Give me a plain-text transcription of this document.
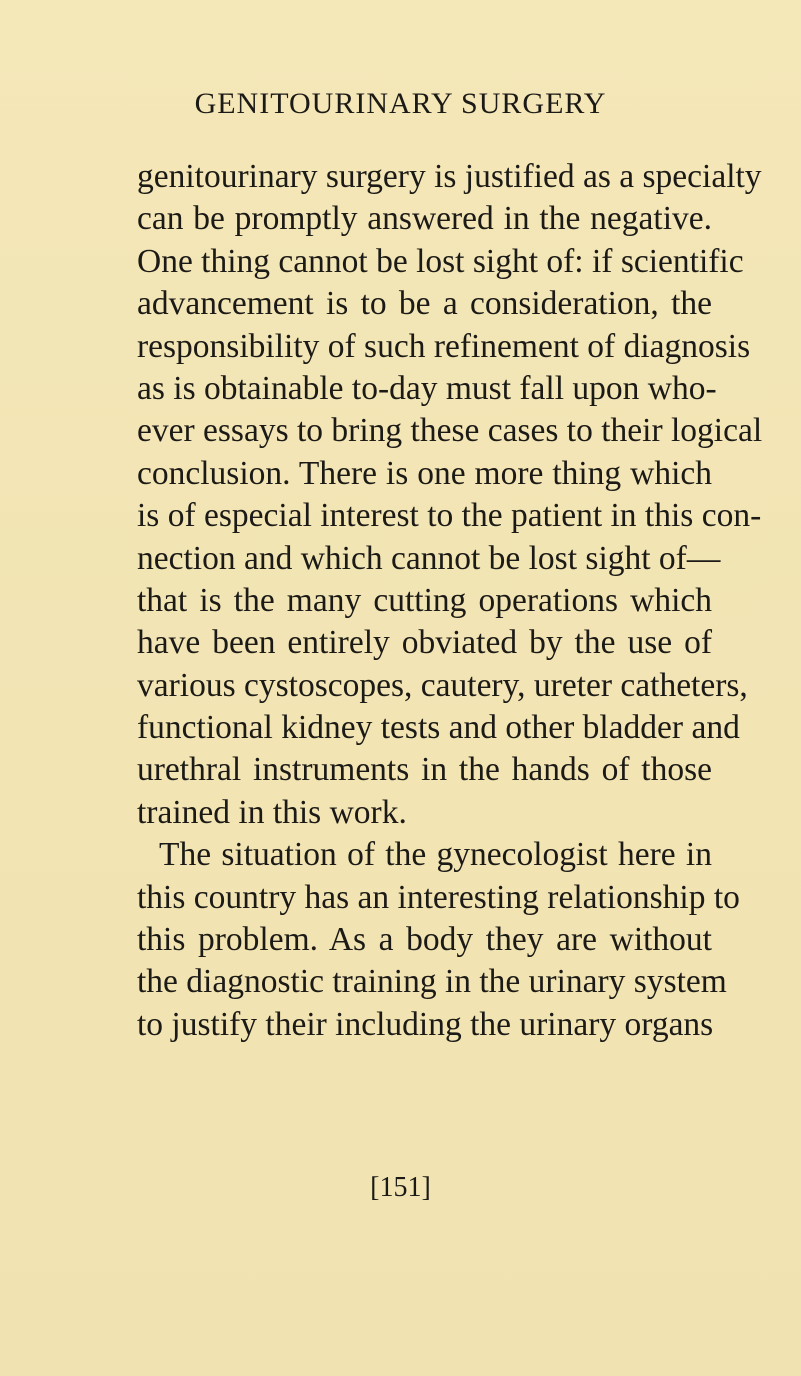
GENITOURINARY SURGERY
genitourinary surgery is justified as a specialty
can be promptly answered in the negative.
One thing cannot be lost sight of: if scientific
advancement is to be a consideration, the
responsibility of such refinement of diagnosis
as is obtainable to-day must fall upon who-
ever essays to bring these cases to their logical
conclusion. There is one more thing which
is of especial interest to the patient in this con-
nection and which cannot be lost sight of—
that is the many cutting operations which
have been entirely obviated by the use of
various cystoscopes, cautery, ureter catheters,
functional kidney tests and other bladder and
urethral instruments in the hands of those
trained in this work.
The situation of the gynecologist here in
this country has an interesting relationship to
this problem. As a body they are without
the diagnostic training in the urinary system
to justify their including the urinary organs
[151]
